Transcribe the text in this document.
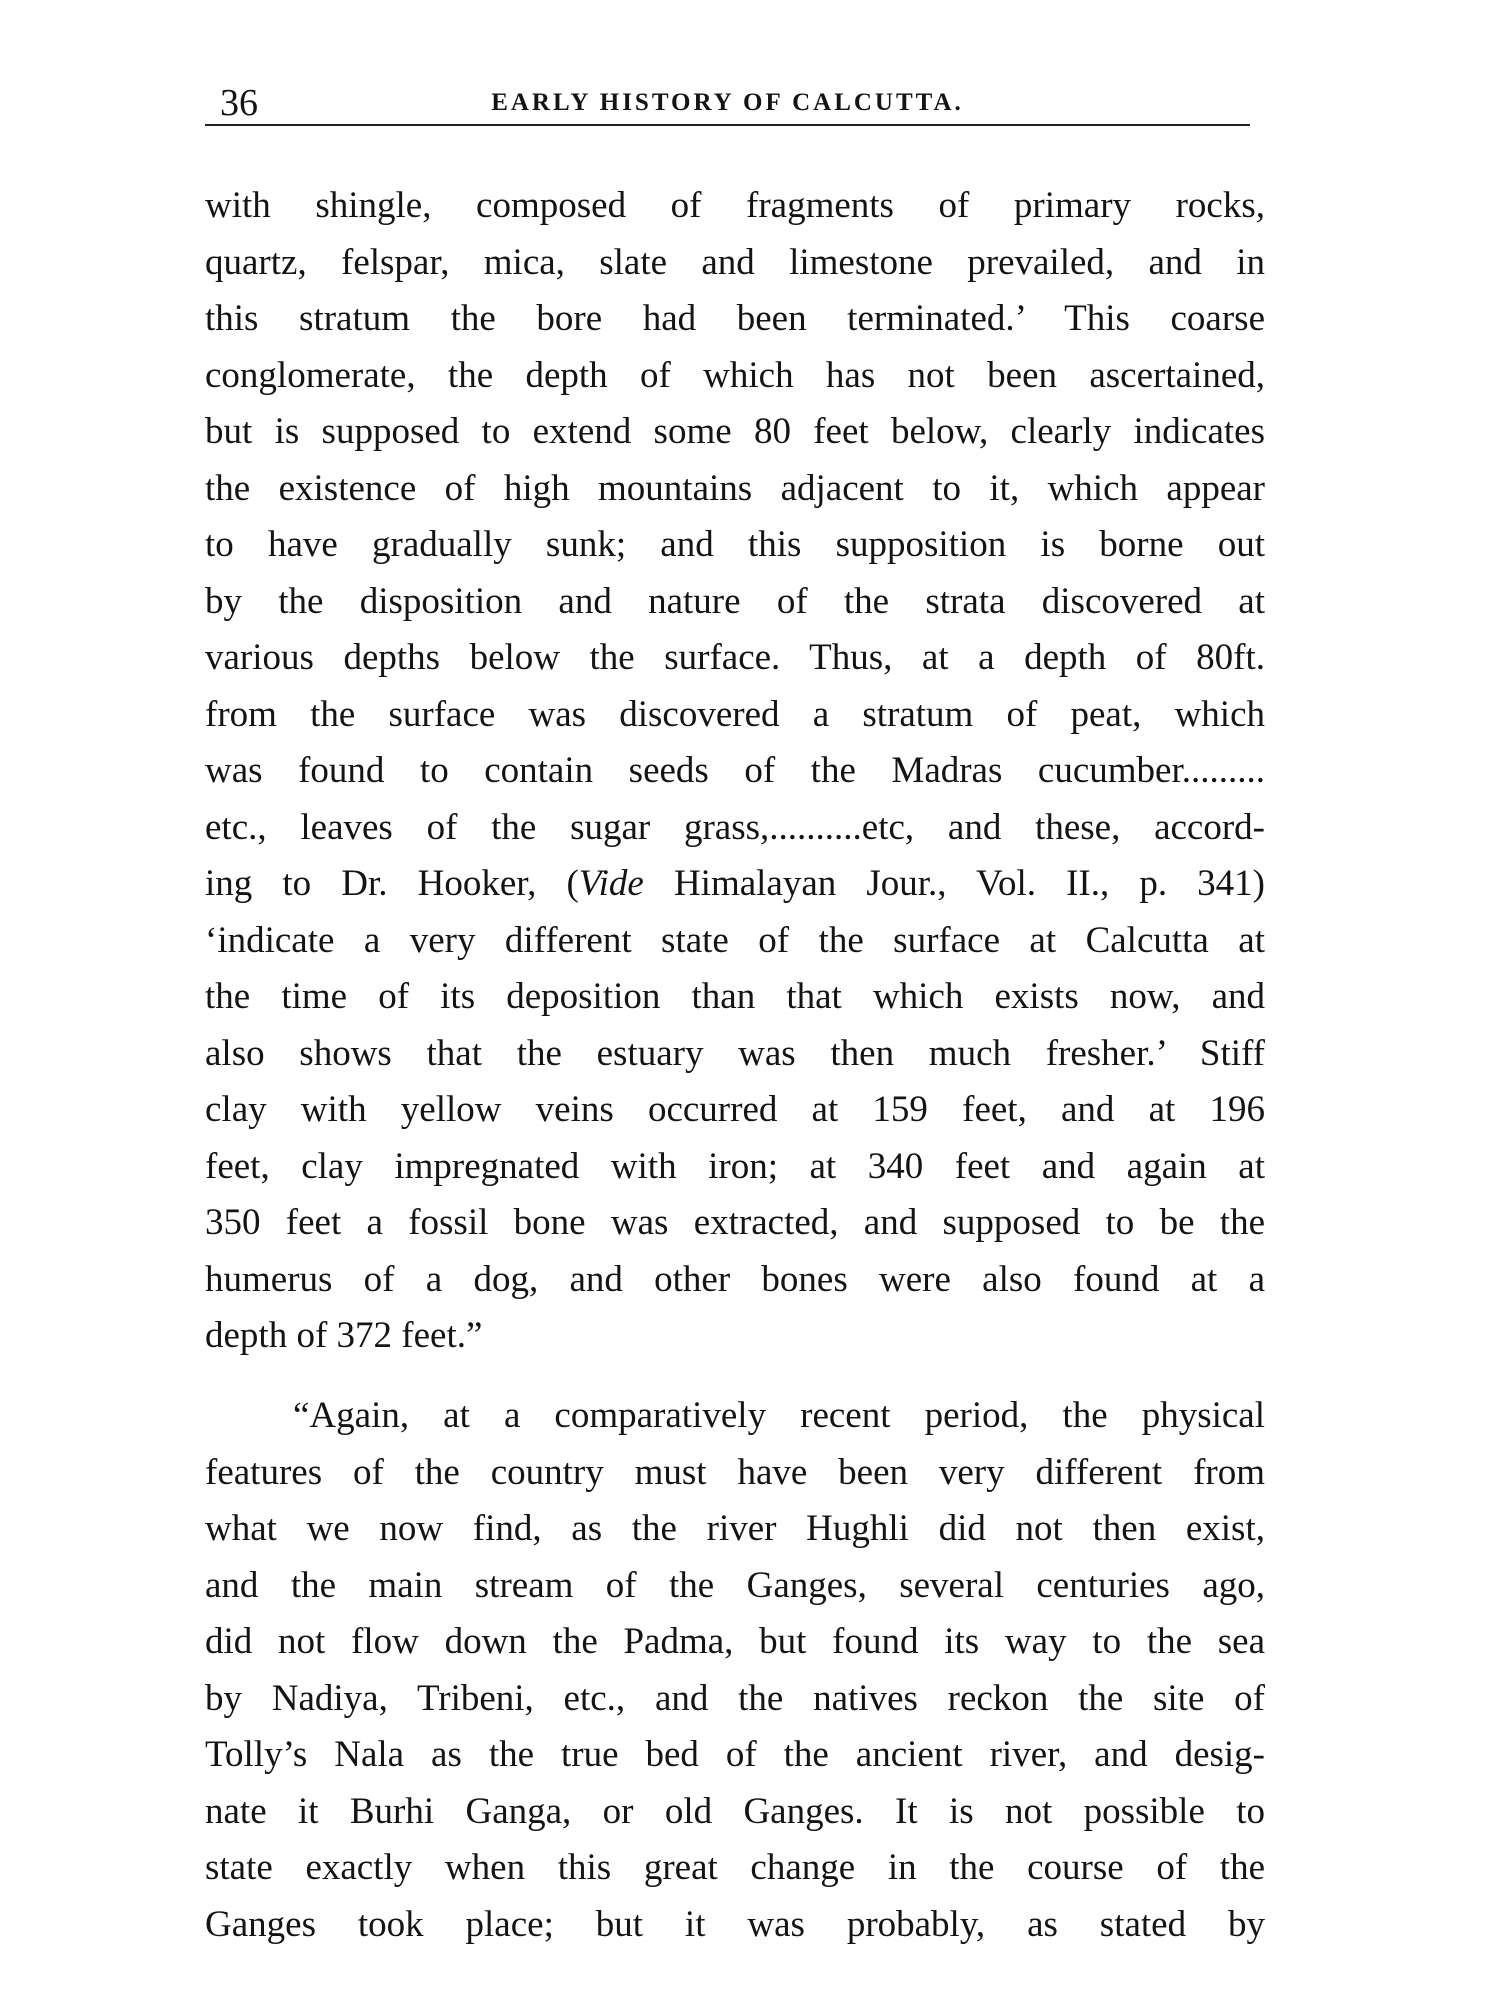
36	EARLY HISTORY OF CALCUTTA.
with shingle, composed of fragments of primary rocks,
quartz, felspar, mica, slate and limestone prevailed, and in
this stratum the bore had been terminated.’ This coarse
conglomerate, the depth of which has not been ascertained,
but is supposed to extend some 80 feet below, clearly indicates
the existence of high mountains adjacent to it, which appear
to have gradually sunk; and this supposition is borne out
by the disposition and nature of the strata discovered at
various depths below the surface. Thus, at a depth of 80ft.
from the surface was discovered a stratum of peat, which
was found to contain seeds of the Madras cucumber.........
etc., leaves of the sugar grass,..........etc, and these, accord-
ing to Dr. Hooker, (Vide Himalayan Jour., Vol. II., p. 341)
‘indicate a very different state of the surface at Calcutta at
the time of its deposition than that which exists now, and
also shows that the estuary was then much fresher.’ Stiff
clay with yellow veins occurred at 159 feet, and at 196
feet, clay impregnated with iron; at 340 feet and again at
350 feet a fossil bone was extracted, and supposed to be the
humerus of a dog, and other bones were also found at a
depth of 372 feet.”
“Again, at a comparatively recent period, the physical
features of the country must have been very different from
what we now find, as the river Hughli did not then exist,
and the main stream of the Ganges, several centuries ago,
did not flow down the Padma, but found its way to the sea
by Nadiya, Tribeni, etc., and the natives reckon the site of
Tolly’s Nala as the true bed of the ancient river, and desig-
nate it Burhi Ganga, or old Ganges. It is not possible to
state exactly when this great change in the course of the
Ganges took place; but it was probably, as stated by
